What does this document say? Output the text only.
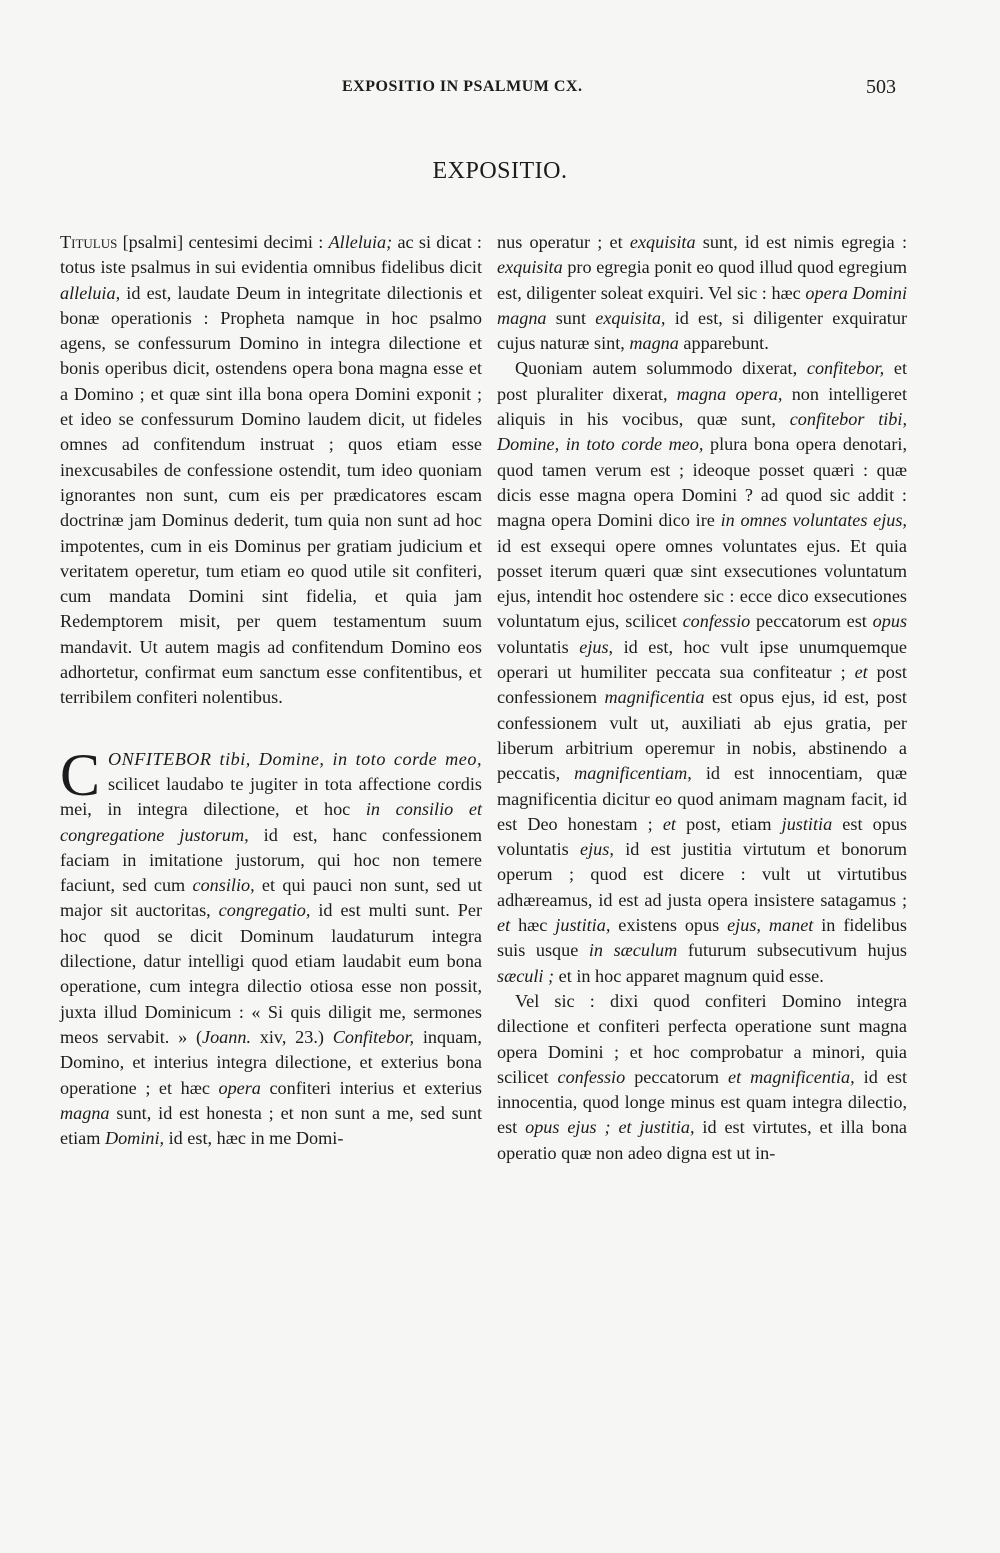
EXPOSITIO IN PSALMUM CX.	503
EXPOSITIO.

Titulus [psalmi] centesimi decimi : Alleluia; ac si dicat : totus iste psalmus in sui evidentia omnibus fidelibus dicit alleluia, id est, laudate Deum in integritate dilectionis et bonæ operationis : Propheta namque in hoc psalmo agens, se confessurum Domino in integra dilectione et bonis operibus dicit, ostendens opera bona magna esse et a Domino ; et quæ sint illa bona opera Domini exponit ; et ideo se confessurum Domino laudem dicit, ut fideles omnes ad confitendum instruat ; quos etiam esse inexcusabiles de confessione ostendit, tum ideo quoniam ignorantes non sunt, cum eis per prædicatores escam doctrinæ jam Dominus dederit, tum quia non sunt ad hoc impotentes, cum in eis Dominus per gratiam judicium et veritatem operetur, tum etiam eo quod utile sit confiteri, cum mandata Domini sint fidelia, et quia jam Redemptorem misit, per quem testamentum suum mandavit. Ut autem magis ad confitendum Domino eos adhortetur, confirmat eum sanctum esse confitentibus, et terribilem confiteri nolentibus.

CONFITEBOR tibi, Domine, in toto corde meo, scilicet laudabo te jugiter in tota affectione cordis mei, in integra dilectione, et hoc in consilio et congregatione justorum, id est, hanc confessionem faciam in imitatione justorum, qui hoc non temere faciunt, sed cum consilio, et qui pauci non sunt, sed ut major sit auctoritas, congregatio, id est multi sunt. Per hoc quod se dicit Dominum laudaturum integra dilectione, datur intelligi quod etiam laudabit eum bona operatione, cum integra dilectio otiosa esse non possit, juxta illud Dominicum : « Si quis diligit me, sermones meos servabit. » (Joann. xiv, 23.) Confitebor, inquam, Domino, et interius integra dilectione, et exterius bona operatione ; et hæc opera confiteri interius et exterius magna sunt, id est honesta ; et non sunt a me, sed sunt etiam Domini, id est, hæc in me Domi-

nus operatur ; et exquisita sunt, id est nimis egregia : exquisita pro egregia ponit eo quod illud quod egregium est, diligenter soleat exquiri. Vel sic : hæc opera Domini magna sunt exquisita, id est, si diligenter exquiratur cujus naturæ sint, magna apparebunt.

Quoniam autem solummodo dixerat, confitebor, et post pluraliter dixerat, magna opera, non intelligeret aliquis in his vocibus, quæ sunt, confitebor tibi, Domine, in toto corde meo, plura bona opera denotari, quod tamen verum est ; ideoque posset quæri : quæ dicis esse magna opera Domini ? ad quod sic addit : magna opera Domini dico ire in omnes voluntates ejus, id est exsequi opere omnes voluntates ejus. Et quia posset iterum quæri quæ sint exsecutiones voluntatum ejus, intendit hoc ostendere sic : ecce dico exsecutiones voluntatum ejus, scilicet confessio peccatorum est opus voluntatis ejus, id est, hoc vult ipse unumquemque operari ut humiliter peccata sua confiteatur ; et post confessionem magnificentia est opus ejus, id est, post confessionem vult ut, auxiliati ab ejus gratia, per liberum arbitrium operemur in nobis, abstinendo a peccatis, magnificentiam, id est innocentiam, quæ magnificentia dicitur eo quod animam magnam facit, id est Deo honestam ; et post, etiam justitia est opus voluntatis ejus, id est justitia virtutum et bonorum operum ; quod est dicere : vult ut virtutibus adhæreamus, id est ad justa opera insistere satagamus ; et hæc justitia, existens opus ejus, manet in fidelibus suis usque in sæculum futurum subsecutivum hujus sæculi ; et in hoc apparet magnum quid esse.

Vel sic : dixi quod confiteri Domino integra dilectione et confiteri perfecta operatione sunt magna opera Domini ; et hoc comprobatur a minori, quia scilicet confessio peccatorum et magnificentia, id est innocentia, quod longe minus est quam integra dilectio, est opus ejus ; et justitia, id est virtutes, et illa bona operatio quæ non adeo digna est ut in-
